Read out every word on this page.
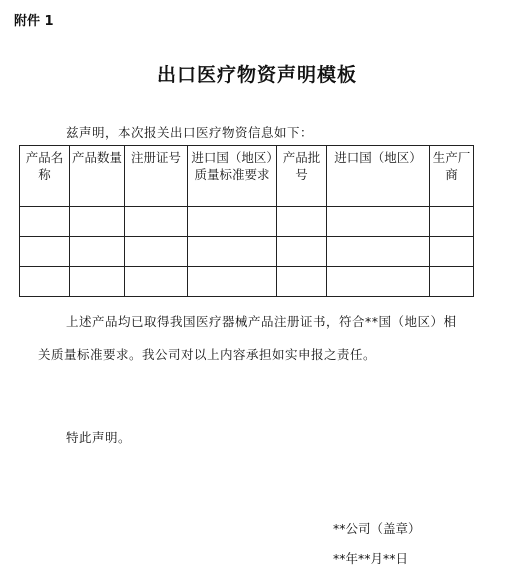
附件 1
出口医疗物资声明模板
兹声明，本次报关出口医疗物资信息如下：
产品名称	产品数量	注册证号	进口国（地区）质量标准要求	产品批号	进口国（地区）	生产厂商

上述产品均已取得我国医疗器械产品注册证书，符合**国（地区）相关质量标准要求。我公司对以上内容承担如实申报之责任。
特此声明。
**公司（盖章）
**年**月**日
